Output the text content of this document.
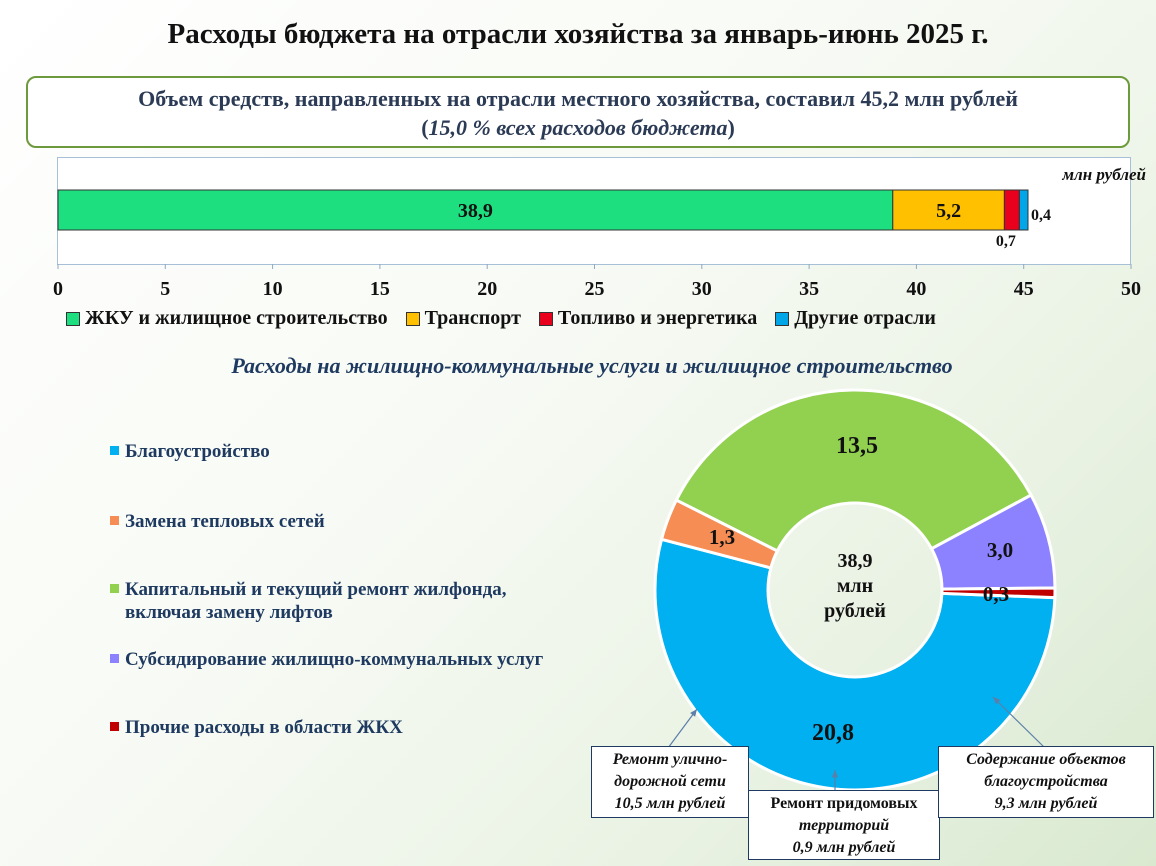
Расходы бюджета на отрасли хозяйства за январь-июнь 2025 г.
Объем средств, направленных на отрасли местного хозяйства, составил 45,2 млн рублей
(15,0 % всех расходов бюджета)
млн рублей
0	5	10	15	20	25	30	35	40	45	50
38,9	5,2
0,7
0,4
20,8
1,3
13,5
3,0
0,3
ЖКУ и жилищное строительство Транспорт Топливо и энергетика Другие отрасли
Расходы на жилищно-коммунальные услуги и жилищное строительство
Благоустройство
Замена тепловых сетей
Капитальный и текущий ремонт жилфонда,
включая замену лифтов
Субсидирование жилищно-коммунальных услуг
Прочие расходы в области ЖКХ
38,9
млн
рублей
Ремонт улично-
дорожной сети
10,5 млн рублей	Ремонт придомовых
территорий
0,9 млн рублей
Содержание объектов
благоустройства
9,3 млн рублей
